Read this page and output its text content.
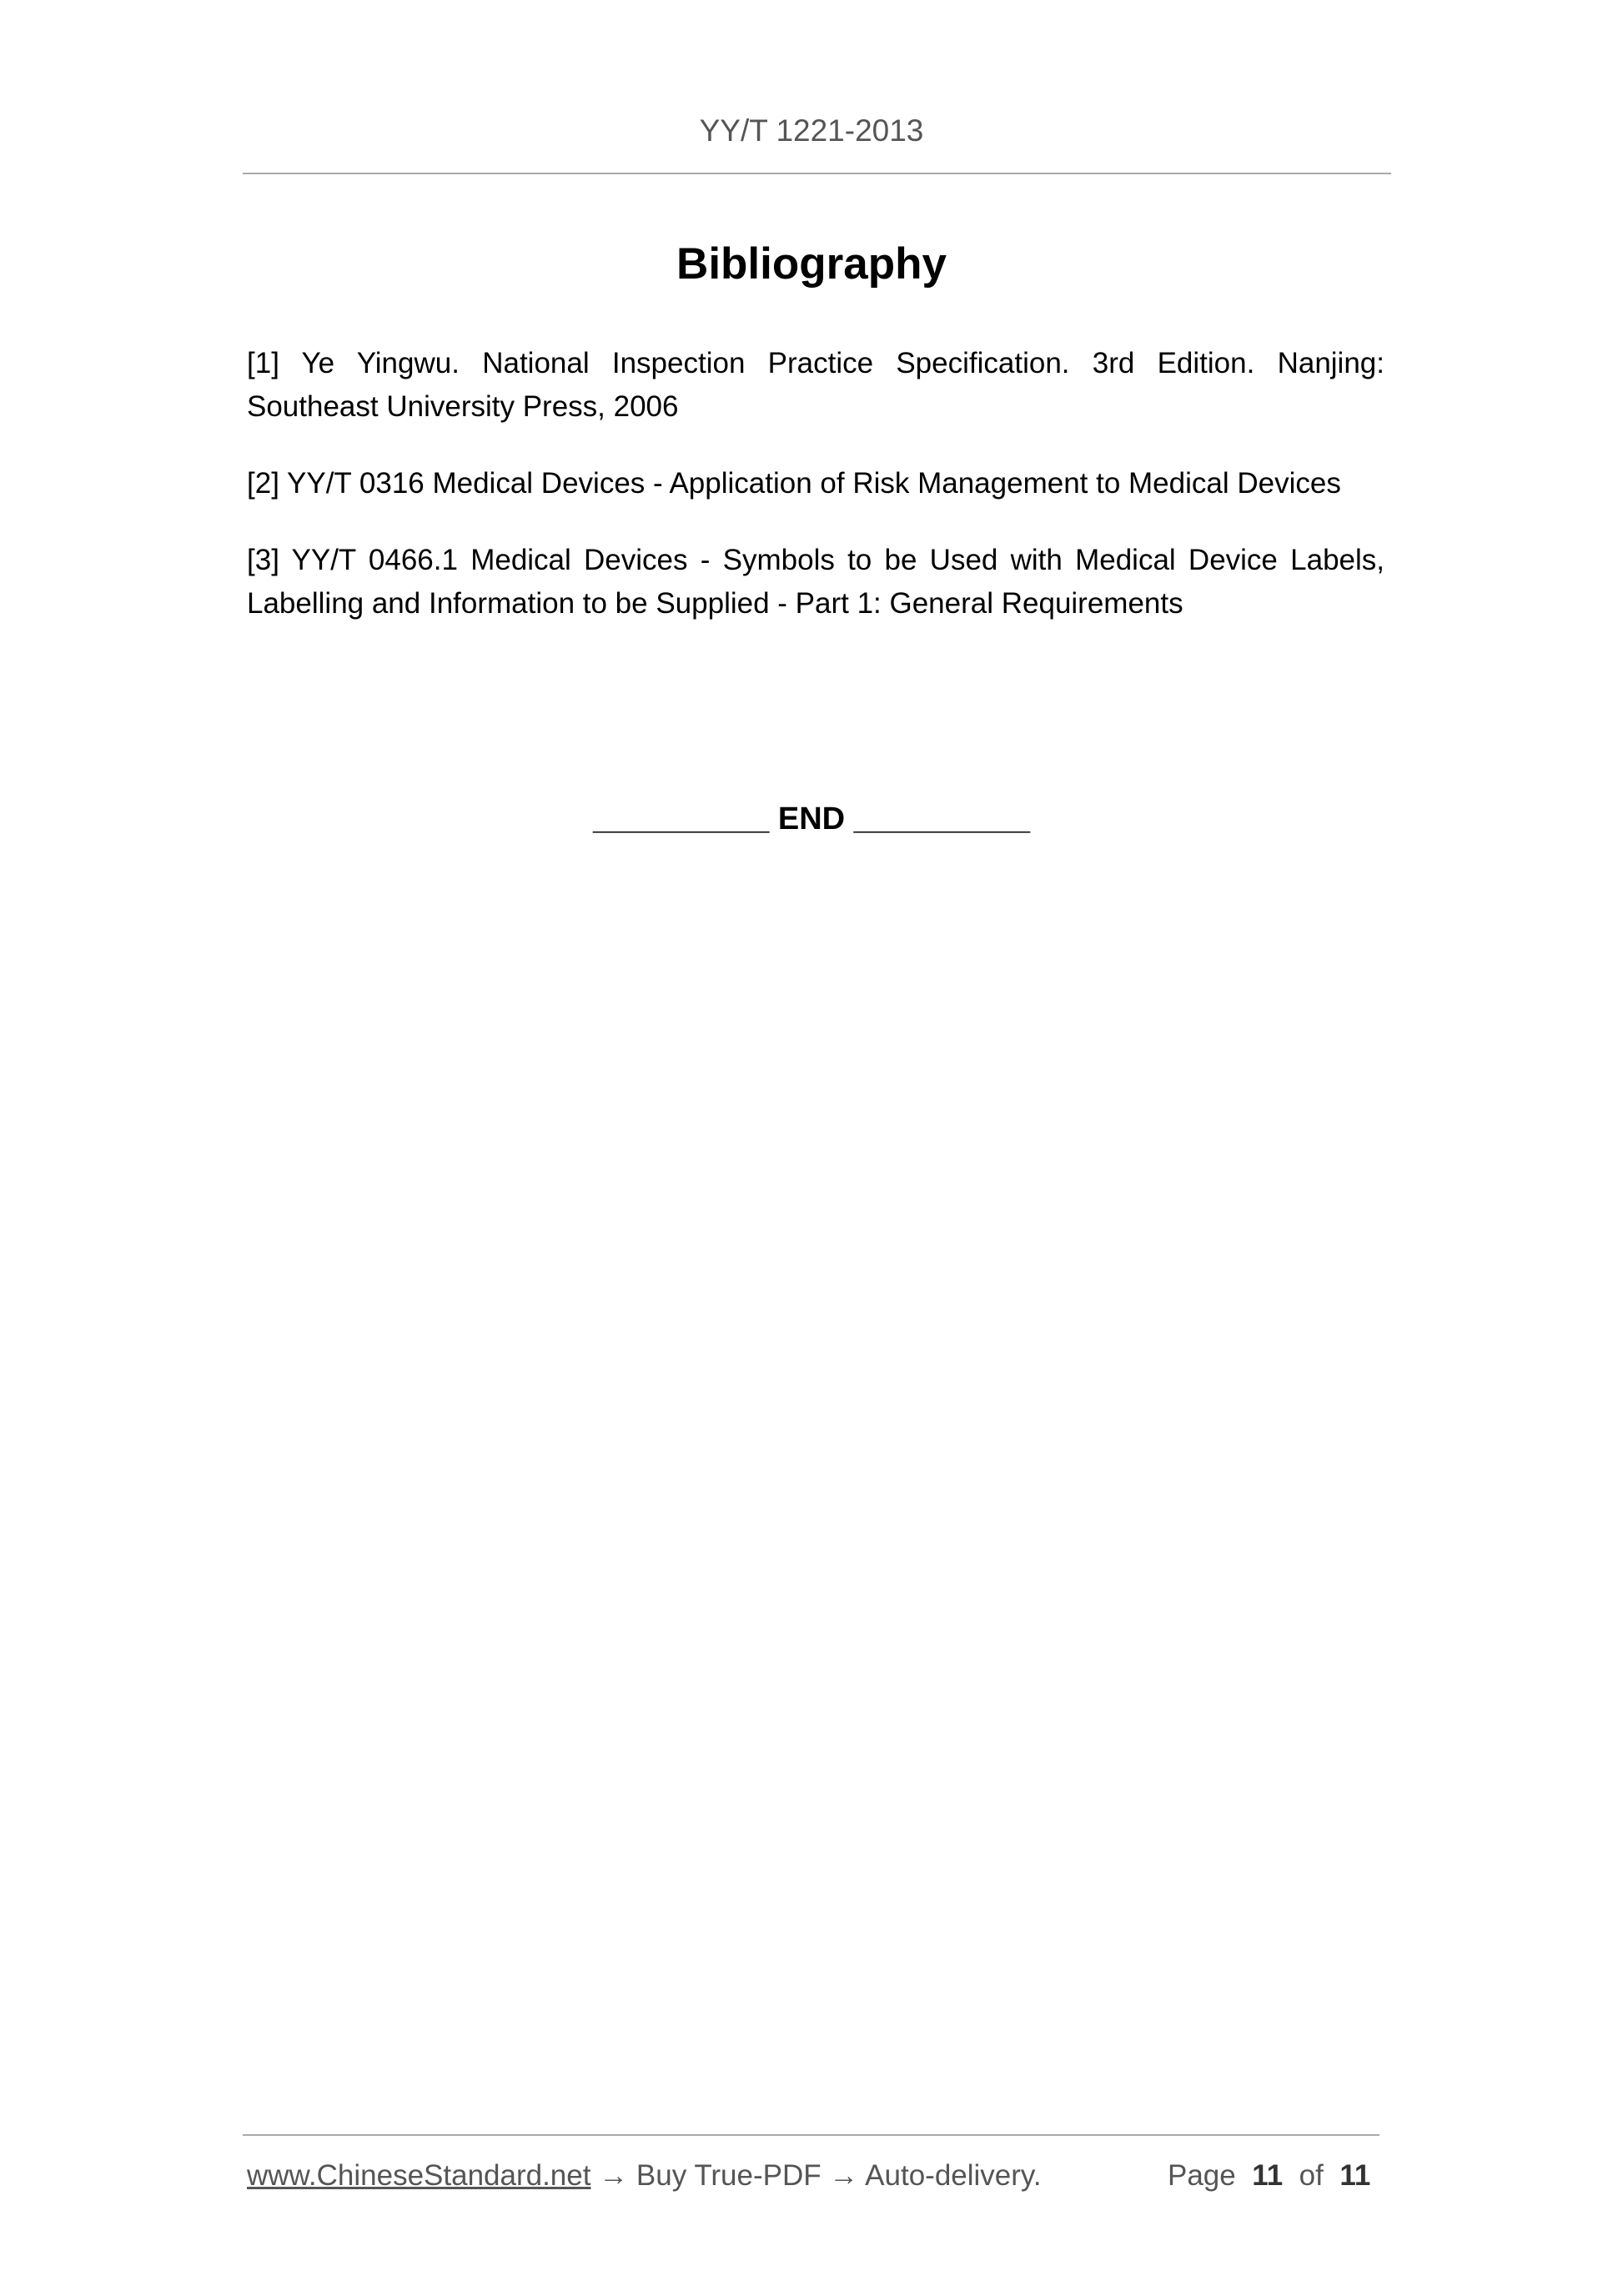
YY/T 1221-2013
Bibliography

[1] Ye Yingwu. National Inspection Practice Specification. 3rd Edition. Nanjing: Southeast University Press, 2006

[2] YY/T 0316 Medical Devices - Application of Risk Management to Medical Devices

[3] YY/T 0466.1 Medical Devices - Symbols to be Used with Medical Device Labels, Labelling and Information to be Supplied - Part 1: General Requirements

__________ END __________
www.ChineseStandard.net → Buy True-PDF → Auto-delivery.	Page 11 of 11
